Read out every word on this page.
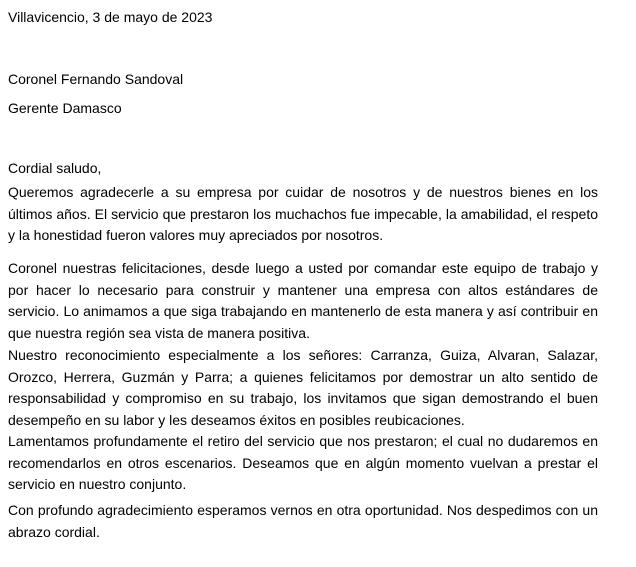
Villavicencio, 3 de mayo de 2023
Coronel Fernando Sandoval
Gerente Damasco
Cordial saludo,

Queremos agradecerle a su empresa por cuidar de nosotros y de nuestros bienes en los últimos años. El servicio que prestaron los muchachos fue impecable, la amabilidad, el respeto y la honestidad fueron valores muy apreciados por nosotros.

Coronel nuestras felicitaciones, desde luego a usted por comandar este equipo de trabajo y por hacer lo necesario para construir y mantener una empresa con altos estándares de servicio. Lo animamos a que siga trabajando en mantenerlo de esta manera y así contribuir en que nuestra región sea vista de manera positiva.

Nuestro reconocimiento especialmente a los señores: Carranza, Guiza, Alvaran, Salazar, Orozco, Herrera, Guzmán y Parra; a quienes felicitamos por demostrar un alto sentido de responsabilidad y compromiso en su trabajo, los invitamos que sigan demostrando el buen desempeño en su labor y les deseamos éxitos en posibles reubicaciones.

Lamentamos profundamente el retiro del servicio que nos prestaron; el cual no dudaremos en recomendarlos en otros escenarios. Deseamos que en algún momento vuelvan a prestar el servicio en nuestro conjunto.

Con profundo agradecimiento esperamos vernos en otra oportunidad. Nos despedimos con un abrazo cordial.
